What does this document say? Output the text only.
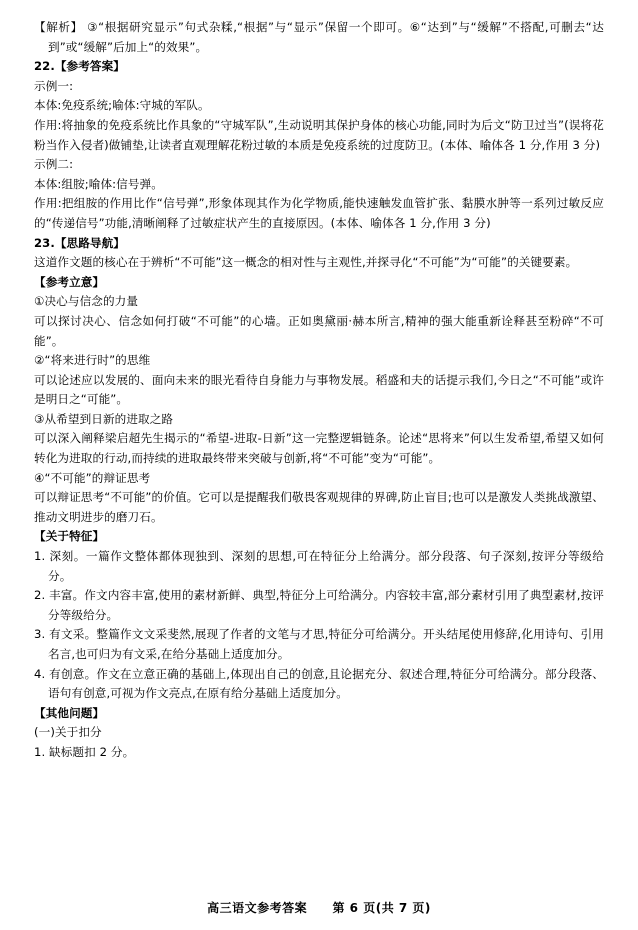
【解析】 ③“根据研究显示”句式杂糅,“根据”与“显示”保留一个即可。⑥“达到”与“缓解”不搭配,可删去“达到”或“缓解”后加上“的效果”。

22.【参考答案】

示例一:

本体:免疫系统;喻体:守城的军队。

作用:将抽象的免疫系统比作具象的“守城军队”,生动说明其保护身体的核心功能,同时为后文“防卫过当”(误将花粉当作入侵者)做铺垫,让读者直观理解花粉过敏的本质是免疫系统的过度防卫。(本体、喻体各 1 分,作用 3 分)

示例二:

本体:组胺;喻体:信号弹。

作用:把组胺的作用比作“信号弹”,形象体现其作为化学物质,能快速触发血管扩张、黏膜水肿等一系列过敏反应的“传递信号”功能,清晰阐释了过敏症状产生的直接原因。(本体、喻体各 1 分,作用 3 分)

23.【思路导航】

这道作文题的核心在于辨析“不可能”这一概念的相对性与主观性,并探寻化“不可能”为“可能”的关键要素。

【参考立意】

①决心与信念的力量

可以探讨决心、信念如何打破“不可能”的心墙。正如奥黛丽·赫本所言,精神的强大能重新诠释甚至粉碎“不可能”。

②“将来进行时”的思维

可以论述应以发展的、面向未来的眼光看待自身能力与事物发展。稻盛和夫的话提示我们,今日之“不可能”或许是明日之“可能”。

③从希望到日新的进取之路

可以深入阐释梁启超先生揭示的“希望-进取-日新”这一完整逻辑链条。论述“思将来”何以生发希望,希望又如何转化为进取的行动,而持续的进取最终带来突破与创新,将“不可能”变为“可能”。

④“不可能”的辩证思考

可以辩证思考“不可能”的价值。它可以是提醒我们敬畏客观规律的界碑,防止盲目;也可以是激发人类挑战激望、推动文明进步的磨刀石。

【关于特征】

1. 深刻。一篇作文整体都体现独到、深刻的思想,可在特征分上给满分。部分段落、句子深刻,按评分等级给分。

2. 丰富。作文内容丰富,使用的素材新鲜、典型,特征分上可给满分。内容较丰富,部分素材引用了典型素材,按评分等级给分。

3. 有文采。整篇作文文采斐然,展现了作者的文笔与才思,特征分可给满分。开头结尾使用修辞,化用诗句、引用名言,也可归为有文采,在给分基础上适度加分。

4. 有创意。作文在立意正确的基础上,体现出自己的创意,且论据充分、叙述合理,特征分可给满分。部分段落、语句有创意,可视为作文亮点,在原有给分基础上适度加分。

【其他问题】

(一)关于扣分

1. 缺标题扣 2 分。

高三语文参考答案 第 6 页(共 7 页)
